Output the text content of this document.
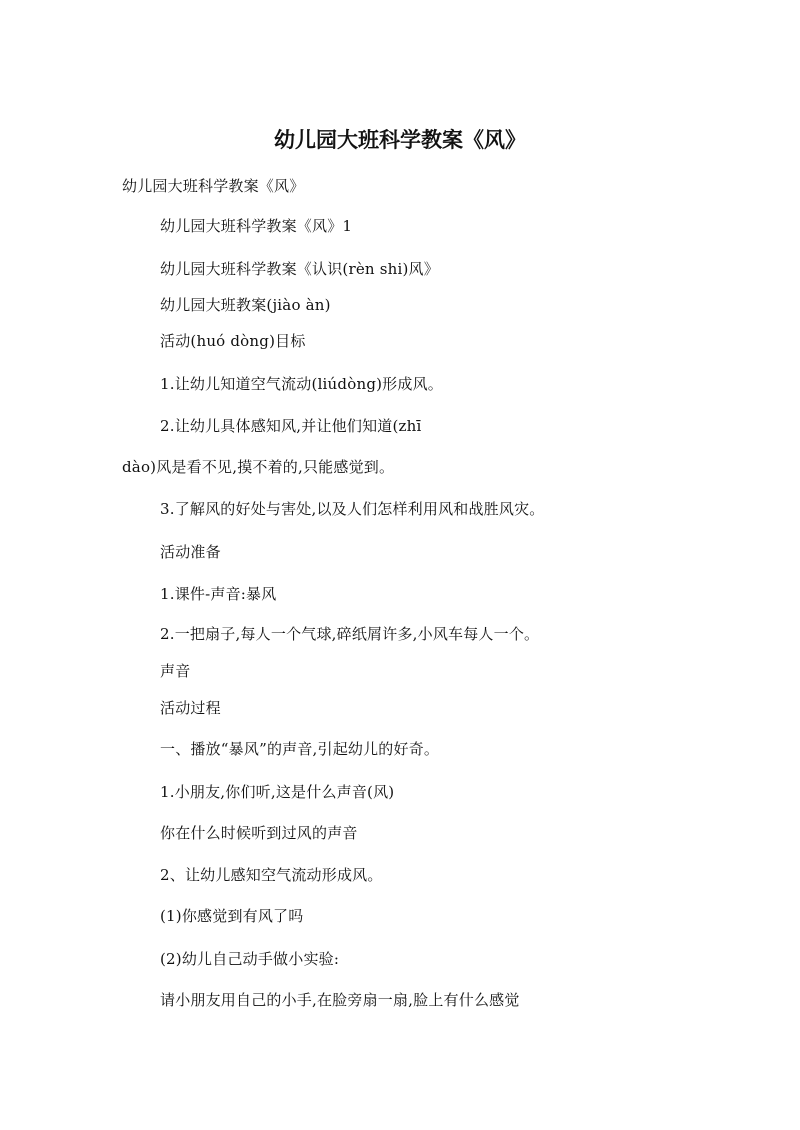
幼儿园大班科学教案《风》
幼儿园大班科学教案《风》
幼儿园大班科学教案《风》1
幼儿园大班科学教案《认识(rèn shi)风》
幼儿园大班教案(jiào àn)
活动(huó dòng)目标
1.让幼儿知道空气流动(liúdòng)形成风。
2.让幼儿具体感知风,并让他们知道(zhī
dào)风是看不见,摸不着的,只能感觉到。
3.了解风的好处与害处,以及人们怎样利用风和战胜风灾。
活动准备
1.课件-声音:暴风
2.一把扇子,每人一个气球,碎纸屑许多,小风车每人一个。
声音
活动过程
一、播放“暴风”的声音,引起幼儿的好奇。
1.小朋友,你们听,这是什么声音(风)
你在什么时候听到过风的声音
2、让幼儿感知空气流动形成风。
(1)你感觉到有风了吗
(2)幼儿自己动手做小实验:
请小朋友用自己的小手,在脸旁扇一扇,脸上有什么感觉
